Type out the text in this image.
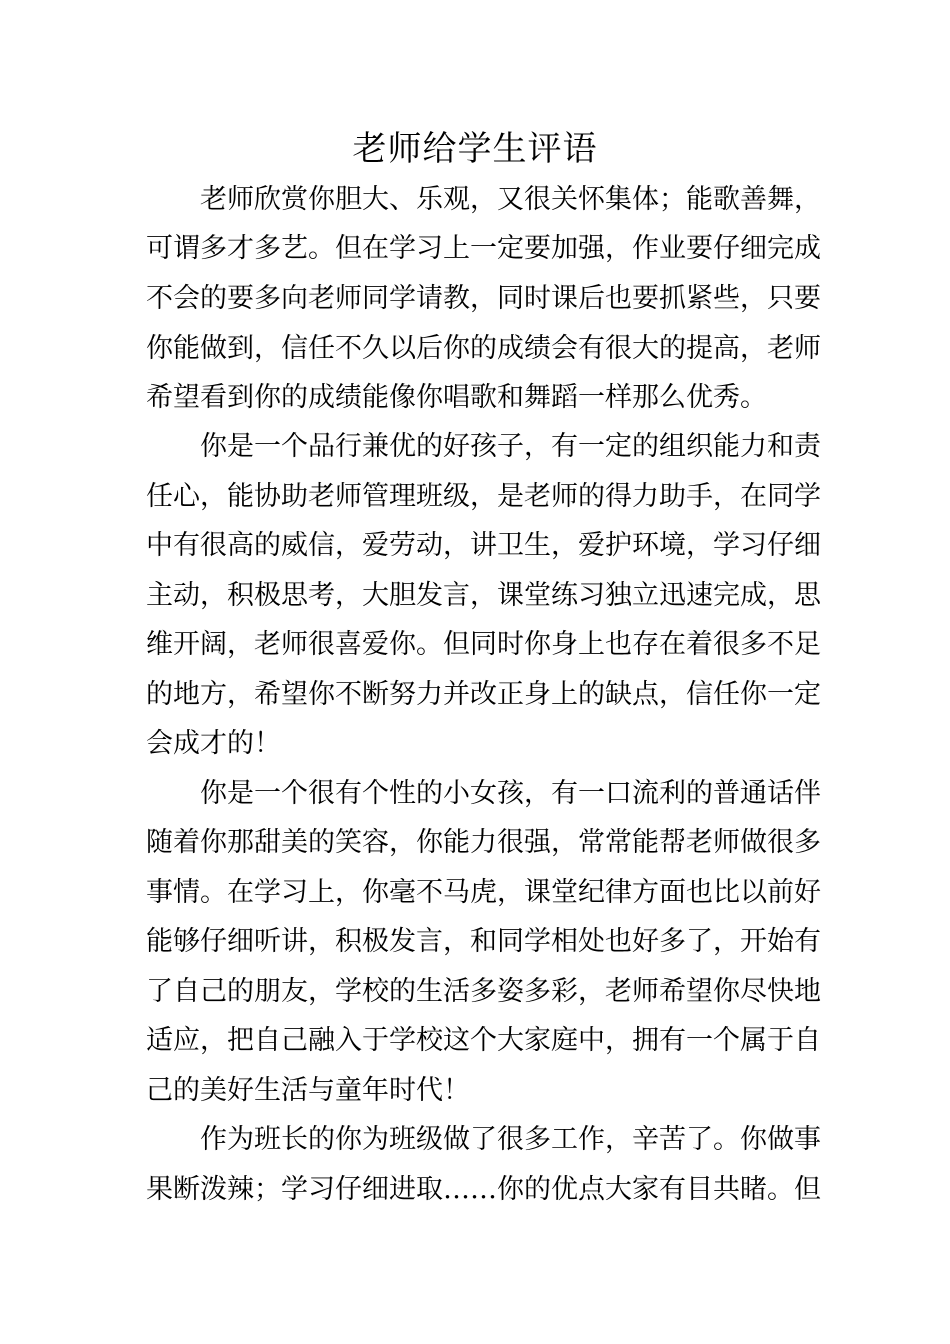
老师给学生评语

老师欣赏你胆大、乐观，又很关怀集体；能歌善舞，

可谓多才多艺。但在学习上一定要加强，作业要仔细完成

不会的要多向老师同学请教，同时课后也要抓紧些，只要

你能做到，信任不久以后你的成绩会有很大的提高，老师

希望看到你的成绩能像你唱歌和舞蹈一样那么优秀。

你是一个品行兼优的好孩子，有一定的组织能力和责

任心，能协助老师管理班级，是老师的得力助手，在同学

中有很高的威信，爱劳动，讲卫生，爱护环境，学习仔细

主动，积极思考，大胆发言，课堂练习独立迅速完成，思

维开阔，老师很喜爱你。但同时你身上也存在着很多不足

的地方，希望你不断努力并改正身上的缺点，信任你一定

会成才的！

你是一个很有个性的小女孩，有一口流利的普通话伴

随着你那甜美的笑容，你能力很强，常常能帮老师做很多

事情。在学习上，你毫不马虎，课堂纪律方面也比以前好

能够仔细听讲，积极发言，和同学相处也好多了，开始有

了自己的朋友，学校的生活多姿多彩，老师希望你尽快地

适应，把自己融入于学校这个大家庭中，拥有一个属于自

己的美好生活与童年时代！

作为班长的你为班级做了很多工作，辛苦了。你做事

果断泼辣；学习仔细进取……你的优点大家有目共睹。但
